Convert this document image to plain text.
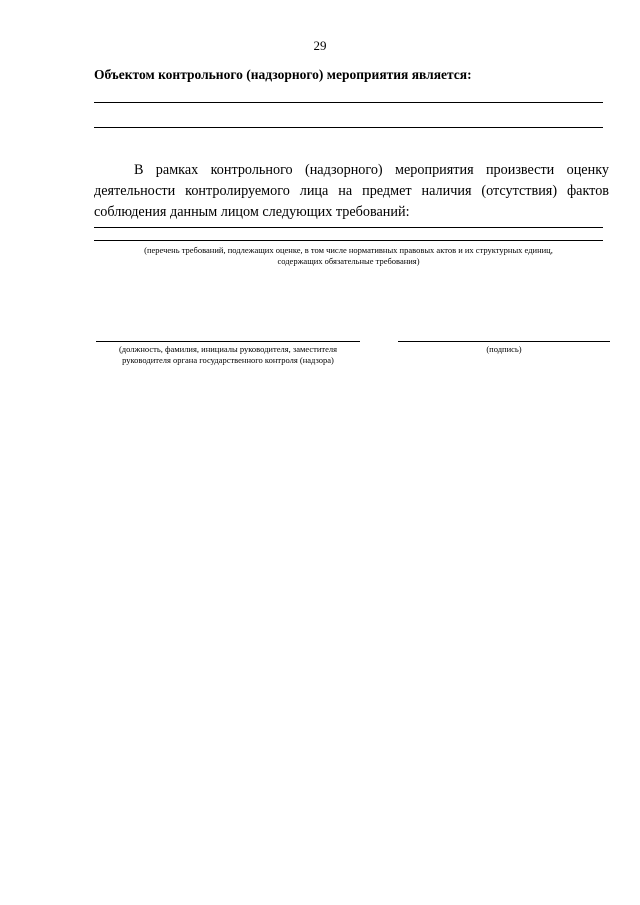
29
Объектом контрольного (надзорного) мероприятия является:
В рамках контрольного (надзорного) мероприятия произвести оценку деятельности контролируемого лица на предмет наличия (отсутствия) фактов соблюдения данным лицом следующих требований:
(перечень требований, подлежащих оценке, в том числе нормативных правовых актов и их структурных единиц,
содержащих обязательные требования)
(должность, фамилия, инициалы руководителя, заместителя
руководителя органа государственного контроля (надзора)
(подпись)
